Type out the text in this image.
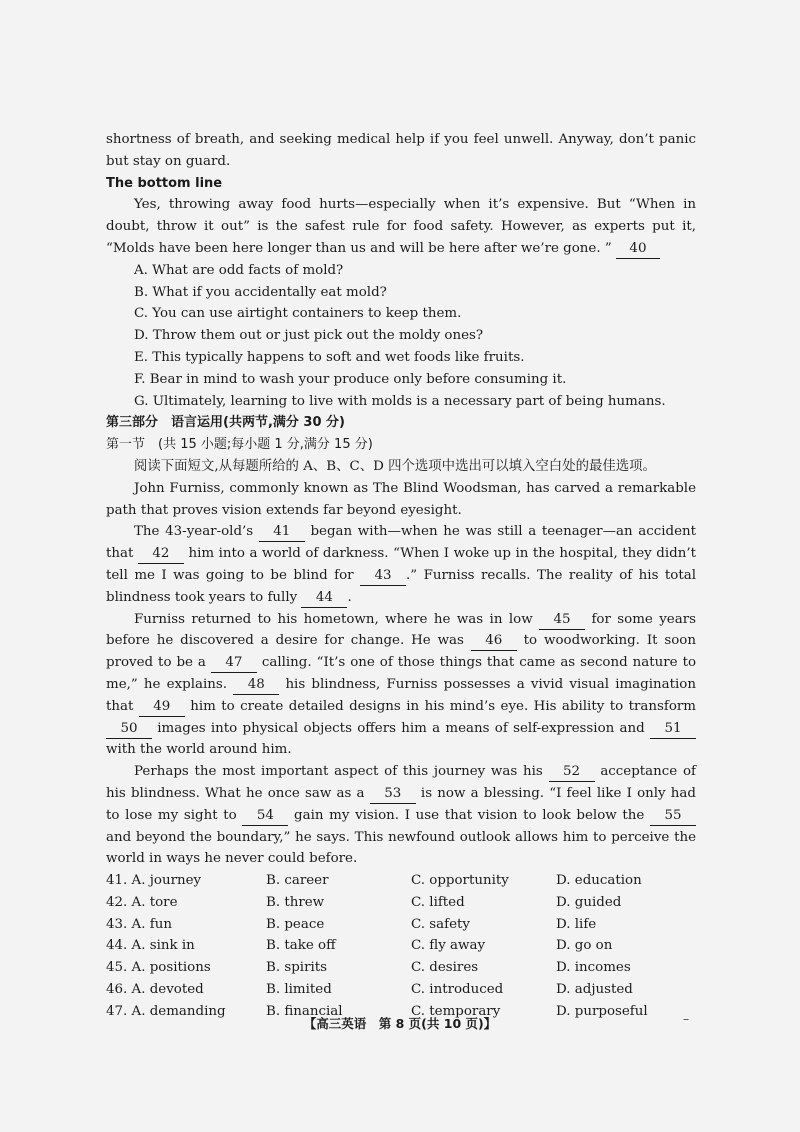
shortness of breath, and seeking medical help if you feel unwell. Anyway, don’t panic but stay on guard.

The bottom line

Yes, throwing away food hurts—especially when it’s expensive. But “When in doubt, throw it out” is the safest rule for food safety. However, as experts put it, “Molds have been here longer than us and will be here after we’re gone. ” 40

A. What are odd facts of mold?

B. What if you accidentally eat mold?

C. You can use airtight containers to keep them.

D. Throw them out or just pick out the moldy ones?

E. This typically happens to soft and wet foods like fruits.

F. Bear in mind to wash your produce only before consuming it.

G. Ultimately, learning to live with molds is a necessary part of being humans.

第三部分　语言运用(共两节,满分 30 分)

第一节　(共 15 小题;每小题 1 分,满分 15 分)

阅读下面短文,从每题所给的 A、B、C、D 四个选项中选出可以填入空白处的最佳选项。

John Furniss, commonly known as The Blind Woodsman, has carved a remarkable path that proves vision extends far beyond eyesight.

The 43-year-old’s 41 began with—when he was still a teenager—an accident that 42 him into a world of darkness. “When I woke up in the hospital, they didn’t tell me I was going to be blind for 43 .” Furniss recalls. The reality of his total blindness took years to fully 44 .

Furniss returned to his hometown, where he was in low 45 for some years before he discovered a desire for change. He was 46 to woodworking. It soon proved to be a 47 calling. “It’s one of those things that came as second nature to me,” he explains. 48 his blindness, Furniss possesses a vivid visual imagination that 49 him to create detailed designs in his mind’s eye. His ability to transform 50 images into physical objects offers him a means of self-expression and 51 with the world around him.

Perhaps the most important aspect of this journey was his 52 acceptance of his blindness. What he once saw as a 53 is now a blessing. “I feel like I only had to lose my sight to 54 gain my vision. I use that vision to look below the 55 and beyond the boundary,” he says. This newfound outlook allows him to perceive the world in ways he never could before.

41. A. journey	B. career	C. opportunity	D. education
42. A. tore	B. threw	C. lifted	D. guided
43. A. fun	B. peace	C. safety	D. life
44. A. sink in	B. take off	C. fly away	D. go on
45. A. positions	B. spirits	C. desires	D. incomes
46. A. devoted	B. limited	C. introduced	D. adjusted
47. A. demanding	B. financial	C. temporary	D. purposeful
【高三英语　第 8 页(共 10 页)】	–
